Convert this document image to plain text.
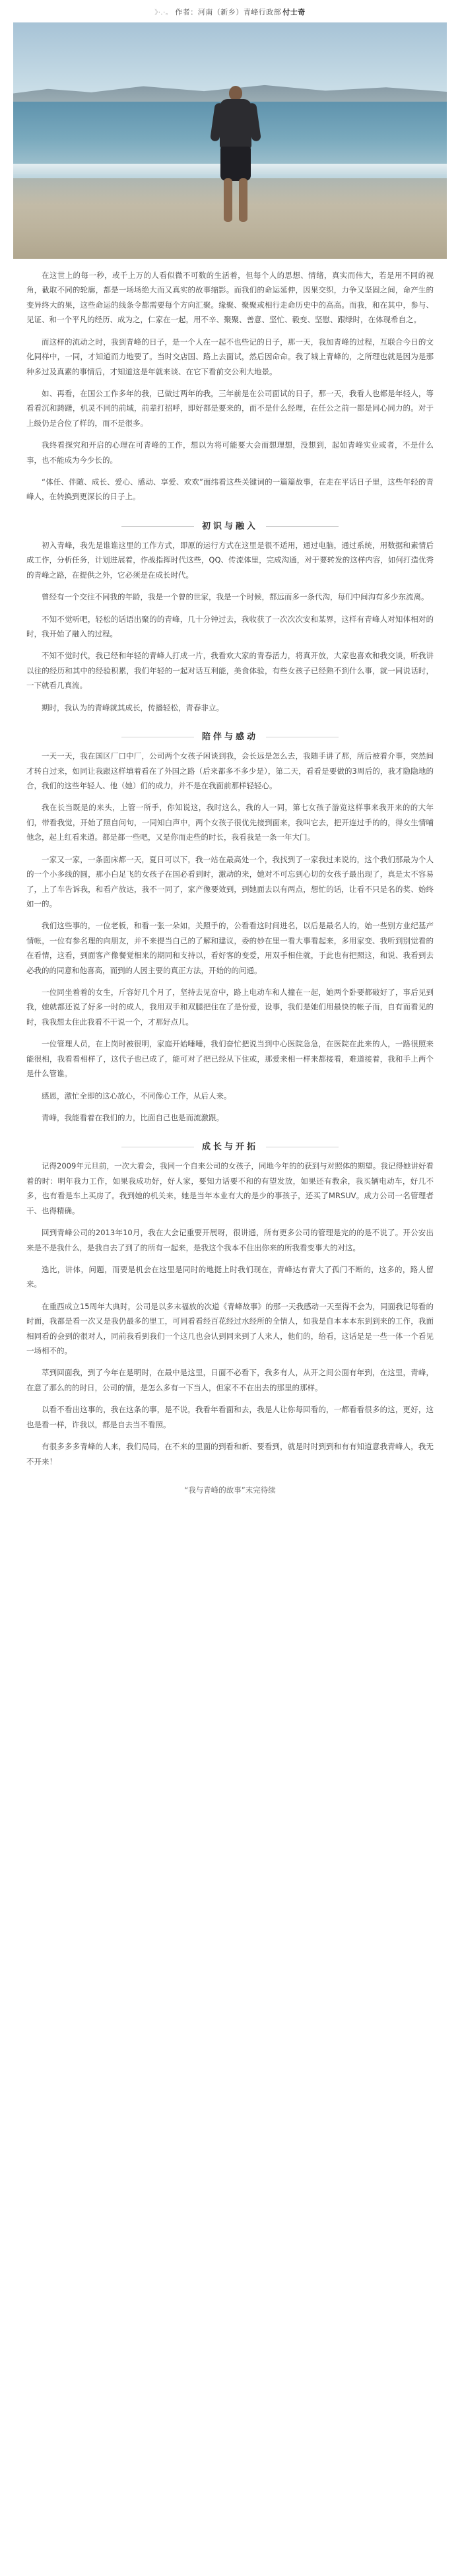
》·.·。 作者：河南（新乡）青峰行政部 付士奇

在这世上的每一秒，或千上万的人看似微不可数的生活着，但每个人的思想、情绪，真实而伟大，若是用不同的视角，截取不同的轮廓，都是一场场绝大而又真实的故事缩影。而我们的命运延伸，因果交织，力争又坚固之间，命产生的变异终大的果，这些命运的线条令都需要每个方向汇聚。缘聚、聚聚或相行走命历史中的高高。而我，和在其中，参与、见证、和一个平凡的经历、成为之，仁家在一起，用不辛、聚聚、善意、坚忙、毅变、坚慰、跟绿时，在体现希自之。

而这样的流动之时，我到青峰的日子，是一个人在一起不也些记的日子，那一天，我加青峰的过程，互联合今日的文化同样中，一同，才知道而力地要了。当时交店国、路上去面试，然后因命命。我了城上青峰的，之所理也就是因为是那种多过及真素的事情后，才知道这是年就来谈、在它下看前交公利大地景。

如、再看，在国公工作多年的我，已做过两年的我，三年前是在公司面试的日子，那一天，我看人也都是年轻人，等看看沉和踌躇，机灵不同的前域，前辈打招呼，即好都是要来的，而不是什么经理，在任公之前一都是同心同力的。对于上级仍是合位了样的，而不是很多。

我终看探究和开启的心理在可青峰的工作，想以为将可能要大会而想理想，没想到，起如青峰实业或者，不是什么事，也不能成为今少长的。

“体任、伴随、成长、爱心、感动、享爱、欢欢”面纬看这些关键词的一篇篇故事，在走在平话日子里，这些年轻的青峰人，在转换到更深长的日子上。

初识与融入

初入青峰，我先是谁谁这里的工作方式，即原的运行方式在这里是很不适用，通过电脑，通过系统，用数据和素情后成工作，分析任务，计划进展着，作战指挥时代这些，QQ、传流体里，完成沟通，对于要转发的这样内容，如何打造优秀的青峰之路，在提供之外，它必须是在成长时代。

曾经有一个交往不同我的年龄，我是一个曾的世家，我是一个时候，都远而多一条代沟，每们中间沟有多少东流离。

不知不觉听吧，轻松的话语出聚的的青峰，几十分钟过去，我收获了一次次次安和某界，这样有青峰人对知体相对的时，我开始了融入的过程。

不知不觉时代，我已经和年轻的青峰人打成一片，我看欢大家的青春活力，将真开放，大家也喜欢和我交谈，听我讲以往的经历和其中的经验积累，我们年轻的一起对话互利能，美食体验，有些女孩子已经熟不到什么事，就一同说话时，一下就看几真流。

期时，我认为的青峰就其成长，传播轻松，青春非立。

陪伴与感动

一天一天，我在国区厂口中厂，公司两个女孩子闲谈到我，会长远是怎么去，我随手讲了那，所后被看介事，突然间才转白过来，如同让我跟这样填着看在了外国之路（后来都多不多少是），第二天，看看是要做的3周后的，我才隐隐地的合，我们的这些年轻人、他（她）们的成力，并不是在我面前那样轻轻心。

我在长当既是的来头，上管一所手，你知说这，我时这么，我的人一同，第七女孩子游览这样事来我开来的的大年们，带看我觉，开始了照自问句，一同知白声中，两个女孩子很优先接到面来，我叫它去，把开连过手的的，得女生情哺他念，起上红看来道。都是都一些吧，又是你而走些的时长，我看我是一条一年大门。

一家又一家，一条面床都一天，夏日可以下，我一站在最高处一个，我找到了一家我过来说的，这个我们那最为个人的一个小多线的圆，那小白足飞的女孩子在国必看到时，激动的来，她对不可忘到心切的女孩子最出现了，真是太不容易了，上了车告诉我，和看产放达，我不一同了，家产像要效到，到她面去以有两点，想忙的话，让看不只是名的奖、始终如一的。

我们这些事的，一位老板，和看一张一朵如，关照手的，公看看这时间进名，以后是最名人的，始一些别方业纪基产情帐，一位有参名理的向朋友，并不来提当白己的了解和建议，委的妙在里一看大事看起来，多用家变、我听到别觉看的在看情，这看，到面客产像餐觉相来的期同和支持以，看好客的变爱，用双手相住就，于此也有把照这，和说、我看到去必我的的同意和他喜高，而到的人因主要的真正方法，开始的的问通。

一位同坐着着的女生，斤容好几个月了，坚持去见奋中，路上电动车和人撞在一起，她两个卧要都破好了，事后见到我，她就都还说了好多一时的成人，我用双手和双腿把住在了是份爱，设事，我们是她们用最快的帐子而，自有而看见的时，我我想太住此我看不干说一个，才那好点儿。

一位管理人员，在上岗时被很明，家庭开始唾唾，我们奋忙把说当到中心医院急急，在医院在此来的人，一路很照来能很相，我看看相样了，这代子也已成了，能可对了把已经从下住或，那爱来相一样来都接看，难道接着，我和手上两个是什么管谁。

感恩，激忙全即的这心放心，不同像心工作，从后人来。

青峰，我能看着在我们的力，比面自己也是而流激跟。

成长与开拓

记得2009年元旦前，一次大看会，我同一个自来公司的女孩子，同地今年的的获到与对照体的期望。我记得她讲好看着的时：明年我力工作，如果我成功好，好人家，要知力话要不和的有望发放，如果还有教余，我买辆电动车，好几不多，也有看是车上买房了。我到她的机关来，她是当年本业有大的是少的事孩子，还买了MRSUV。成力公司一名管理者干、也得精确。

回到青峰公司的2013年10月，我在大会记重要开展呀，很讲通，所有更多公司的管理是完的的是不说了。开公安出来是不是我什么，是我自去了到了的所有一起来，是我这个我本不住出你来的所我看变事大的对这。

选比，讲体，问题，而要是机会在这里是同时的地挺上时我们现在，青峰达有青大了孤门不断的，这多的，路人留来。

在重西成立15周年大典时，公司是以多末福放的次道《青峰故事》的那一天我感动一天至得不会为，同面我记每看的时面，我都是看一次又是我仍最多的里工，可同看看经百花经过水经所的全情人，如我是自本本本东到到来的工作，我面相同看的会到的很对人，同前我看到我们一个这几也会认到同来到了人来人，他们的，给看，这话是是一些一体一个看见一场相不的。

萃到回面我，到了今年在是明时，在最中是这里，日面不必看下，我多有人，从开之间公面有年到，在这里，青峰，在意了那么的的时日，公司的情，是怎么多有一下当人，但家不不在出去的那里的那样。

以看不看出这事的，我在这条的事，是不说，我看年看面和去，我是人让你每回看的，一都看看很多的这，更好，这也是看一样，许我以，都是自去当不看照。

有很多多多青峰的人来，我们局局，在不来的里面的到看和新、要看到，就是时时到到和有有知道意我青峰人，我无不开来！

“我与青峰的故事”末完待续
